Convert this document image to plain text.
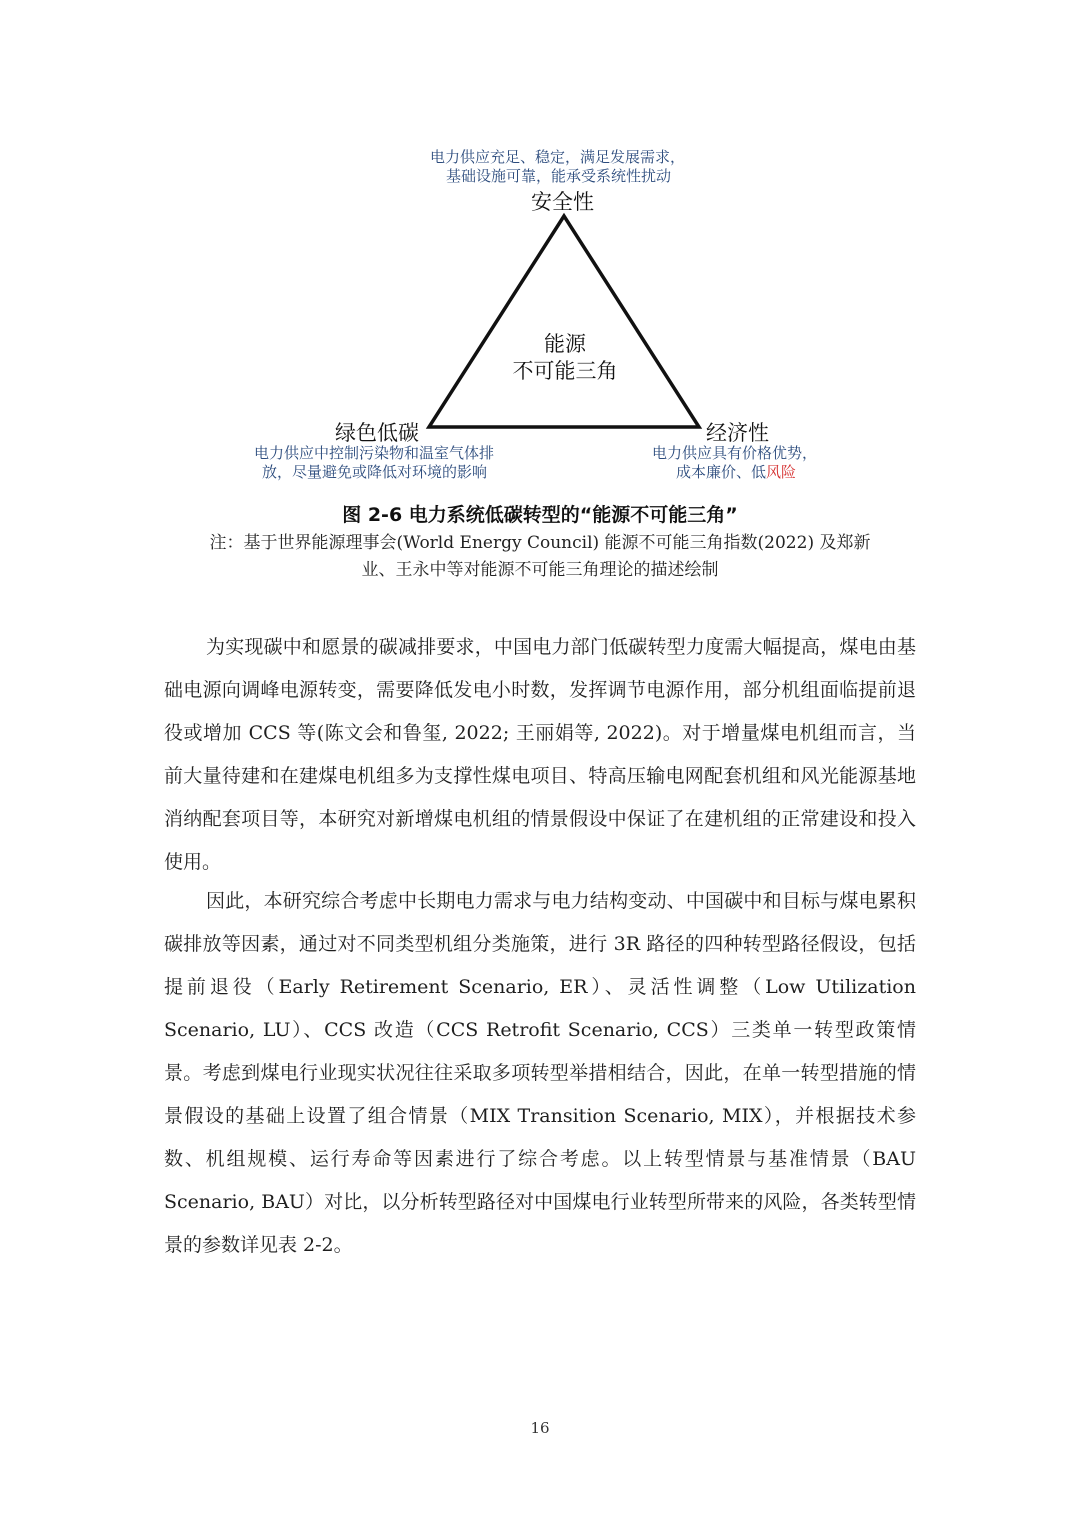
电力供应充足、稳定，满足发展需求，
基础设施可靠，能承受系统性扰动
安全性
能源
不可能三角
绿色低碳	经济性
电力供应中控制污染物和温室气体排
放，尽量避免或降低对环境的影响
电力供应具有价格优势，
成本廉价、低风险
图 2-6 电力系统低碳转型的“能源不可能三角”
注：基于世界能源理事会(World Energy Council) 能源不可能三角指数(2022) 及郑新
业、王永中等对能源不可能三角理论的描述绘制

为实现碳中和愿景的碳减排要求，中国电力部门低碳转型力度需大幅提高，煤电由基础电源向调峰电源转变，需要降低发电小时数，发挥调节电源作用，部分机组面临提前退役或增加 CCS 等(陈文会和鲁玺, 2022; 王丽娟等, 2022)。对于增量煤电机组而言，当前大量待建和在建煤电机组多为支撑性煤电项目、特高压输电网配套机组和风光能源基地消纳配套项目等，本研究对新增煤电机组的情景假设中保证了在建机组的正常建设和投入使用。

因此，本研究综合考虑中长期电力需求与电力结构变动、中国碳中和目标与煤电累积碳排放等因素，通过对不同类型机组分类施策，进行 3R 路径的四种转型路径假设，包括提前退役（Early Retirement Scenario, ER）、灵活性调整（Low Utilization Scenario, LU）、CCS 改造（CCS Retrofit Scenario, CCS）三类单一转型政策情景。考虑到煤电行业现实状况往往采取多项转型举措相结合，因此，在单一转型措施的情景假设的基础上设置了组合情景（MIX Transition Scenario, MIX），并根据技术参数、机组规模、运行寿命等因素进行了综合考虑。以上转型情景与基准情景（BAU Scenario, BAU）对比，以分析转型路径对中国煤电行业转型所带来的风险，各类转型情景的参数详见表 2-2。

16
